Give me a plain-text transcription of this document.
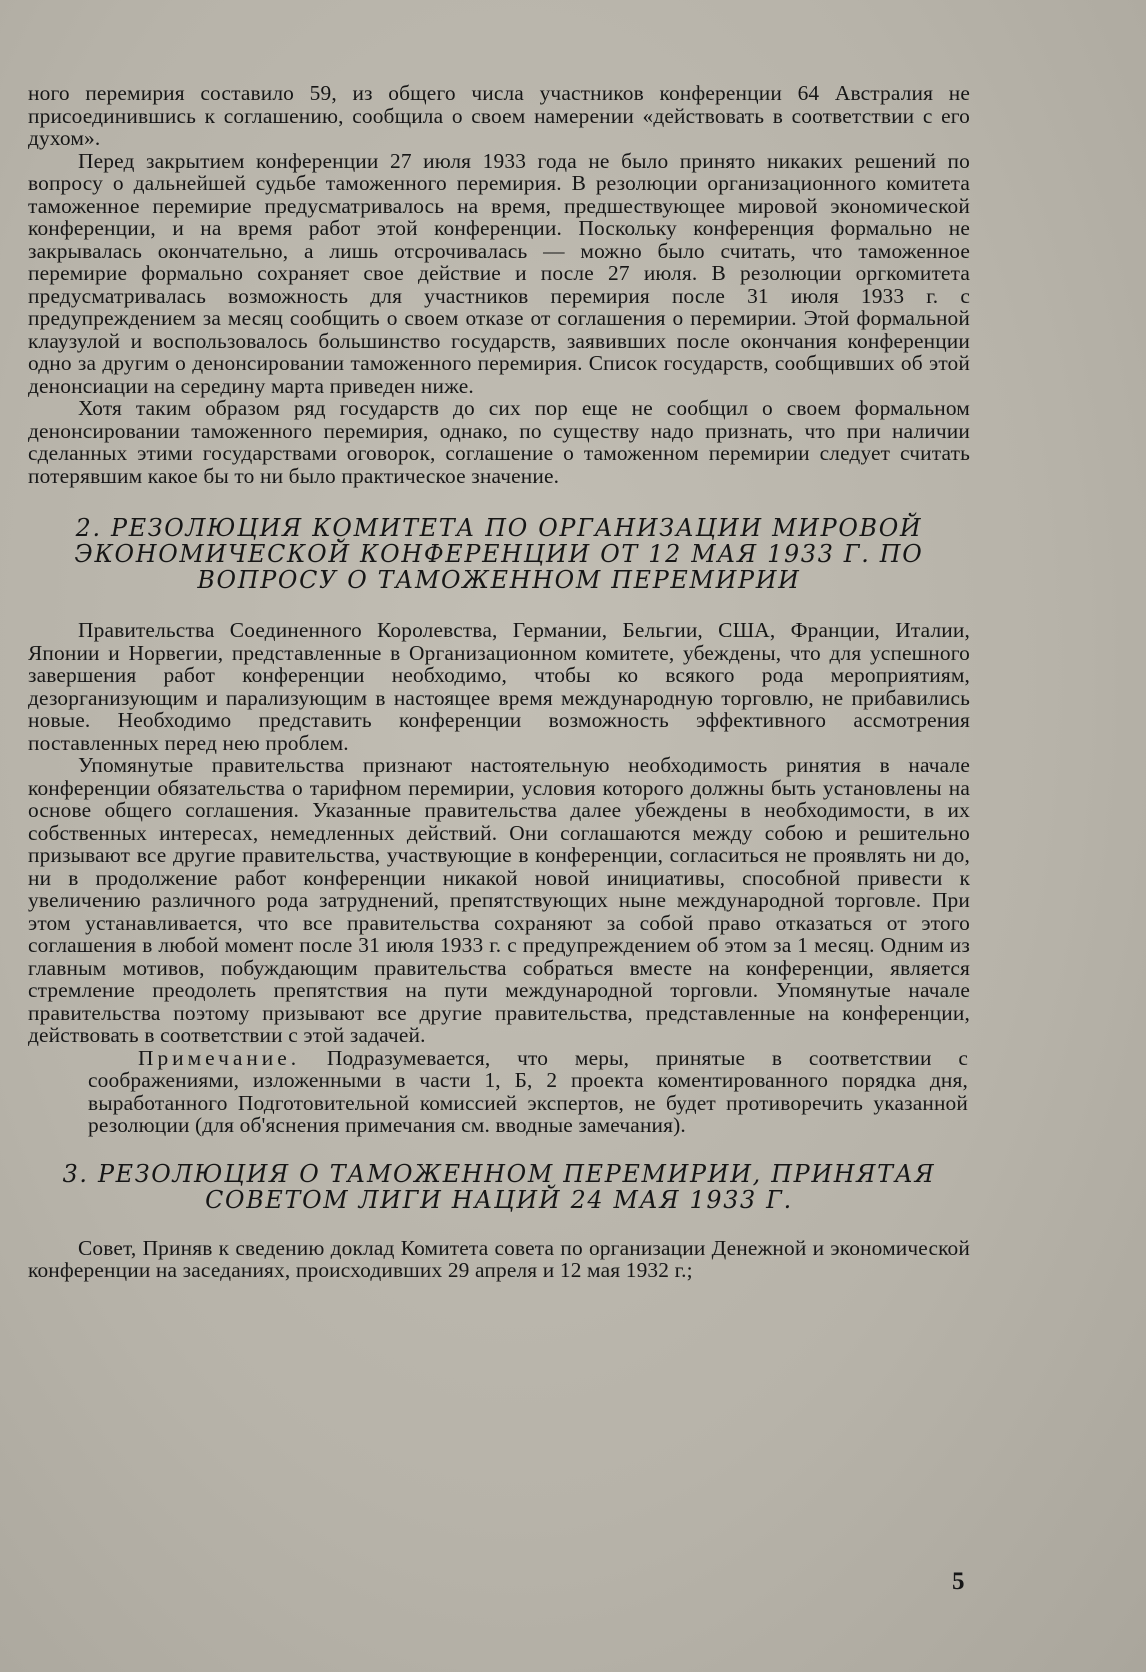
ного перемирия составило 59, из общего числа участников конференции 64 Австралия не присоединившись к соглашению, сообщила о своем намерении «действовать в соответствии с его духом».

Перед закрытием конференции 27 июля 1933 года не было принято никаких решений по вопросу о дальнейшей судьбе таможенного перемирия. В резолюции организационного комитета таможенное перемирие предусматривалось на время, предшествующее мировой экономической конференции, и на время работ этой конференции. Поскольку конференция формально не закрывалась окончательно, а лишь отсрочивалась — можно было считать, что таможенное перемирие формально сохраняет свое действие и после 27 июля. В резолюции оргкомитета предусматривалась возможность для участников перемирия после 31 июля 1933 г. с предупреждением за месяц сообщить о своем отказе от соглашения о перемирии. Этой формальной клаузулой и воспользовалось большинство государств, заявивших после окончания конференции одно за другим о денонсировании таможенного перемирия. Список государств, сообщивших об этой денонсиации на середину марта приведен ниже.

Хотя таким образом ряд государств до сих пор еще не сообщил о своем формальном денонсировании таможенного перемирия, однако, по существу надо признать, что при наличии сделанных этими государствами оговорок, соглашение о таможенном перемирии следует считать потерявшим какое бы то ни было практическое значение.

2. РЕЗОЛЮЦИЯ КОМИТЕТА ПО ОРГАНИЗАЦИИ МИРОВОЙ ЭКОНОМИЧЕСКОЙ КОНФЕРЕНЦИИ ОТ 12 МАЯ 1933 Г. ПО ВОПРОСУ О ТАМОЖЕННОМ ПЕРЕМИРИИ

Правительства Соединенного Королевства, Германии, Бельгии, США, Франции, Италии, Японии и Норвегии, представленные в Организационном комитете, убеждены, что для успешного завершения работ конференции необходимо, чтобы ко всякого рода мероприятиям, дезорганизующим и парализующим в настоящее время международную торговлю, не прибавились новые. Необходимо представить конференции возможность эффективного ассмотрения поставленных перед нею проблем.

Упомянутые правительства признают настоятельную необходимость ринятия в начале конференции обязательства о тарифном перемирии, условия которого должны быть установлены на основе общего соглашения. Указанные правительства далее убеждены в необходимости, в их собственных интересах, немедленных действий. Они соглашаются между собою и решительно призывают все другие правительства, участвующие в конференции, согласиться не проявлять ни до, ни в продолжение работ конференции никакой новой инициативы, способной привести к увеличению различного рода затруднений, препятствующих ныне международной торговле. При этом устанавливается, что все правительства сохраняют за собой право отказаться от этого соглашения в любой момент после 31 июля 1933 г. с предупреждением об этом за 1 месяц. Одним из главным мотивов, побуждающим правительства собраться вместе на конференции, является стремление преодолеть препятствия на пути международной торговли. Упомянутые начале правительства поэтому призывают все другие правительства, представленные на конференции, действовать в соответствии с этой задачей.

Примечание. Подразумевается, что меры, принятые в соответствии с соображениями, изложенными в части 1, Б, 2 проекта коментированного порядка дня, выработанного Подготовительной комиссией экспертов, не будет противоречить указанной резолюции (для об'яснения примечания см. вводные замечания).

3. РЕЗОЛЮЦИЯ О ТАМОЖЕННОМ ПЕРЕМИРИИ, ПРИНЯТАЯ СОВЕТОМ ЛИГИ НАЦИЙ 24 МАЯ 1933 Г.

Совет, Приняв к сведению доклад Комитета совета по организации Денежной и экономической конференции на заседаниях, происходивших 29 апреля и 12 мая 1932 г.;

5
